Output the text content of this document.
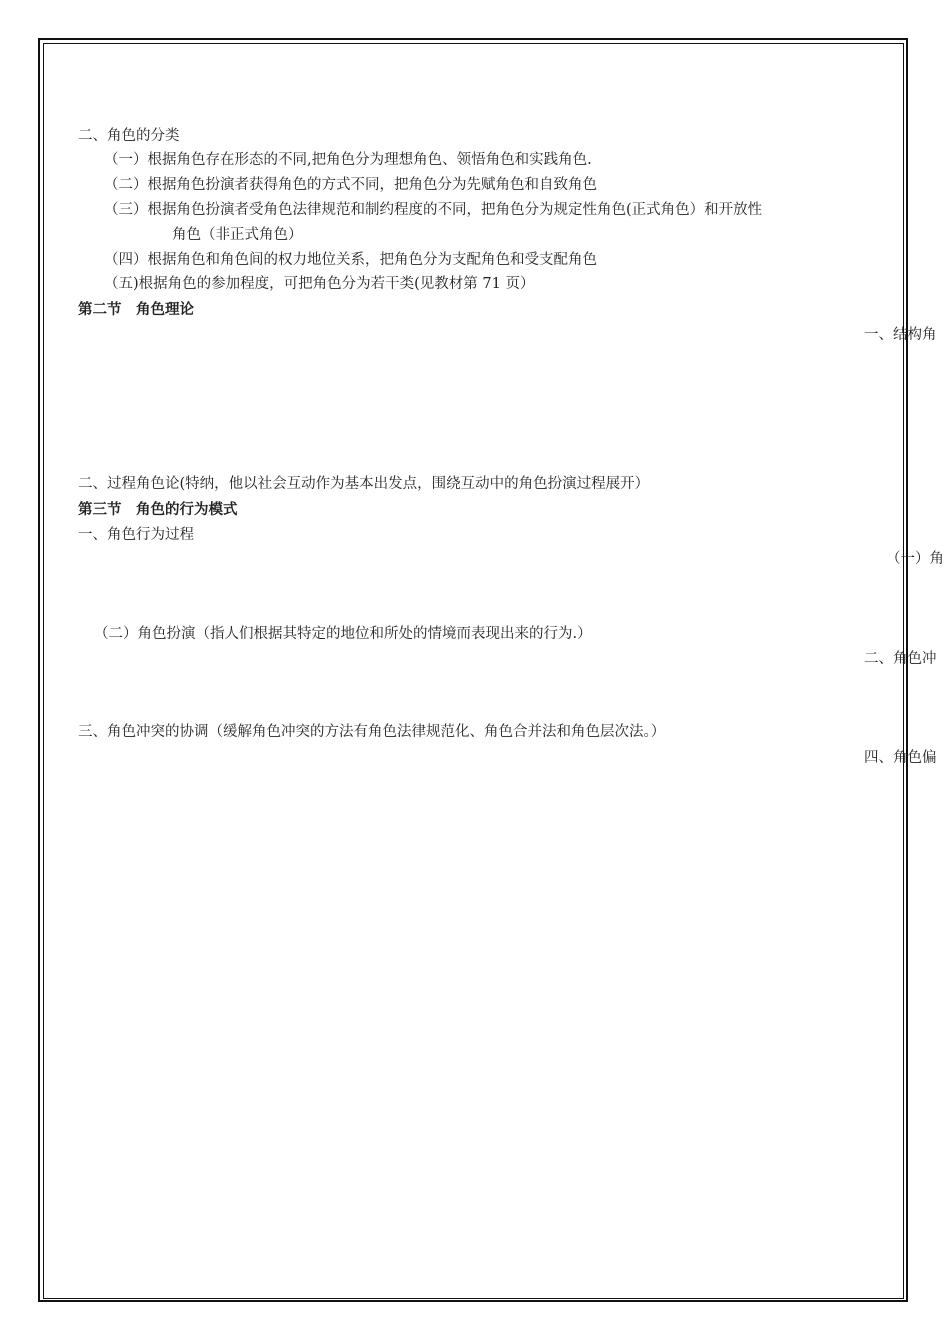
二、角色的分类
（一）根据角色存在形态的不同,把角色分为理想角色、领悟角色和实践角色.
（二）根据角色扮演者获得角色的方式不同，把角色分为先赋角色和自致角色
（三）根据角色扮演者受角色法律规范和制约程度的不同，把角色分为规定性角色(正式角色）和开放性
角色（非正式角色）
（四）根据角色和角色间的权力地位关系，把角色分为支配角色和受支配角色
（五)根据角色的参加程度，可把角色分为若干类(见教材第 71 页）
第二节　角色理论
一、结构角
二、过程角色论(特纳，他以社会互动作为基本出发点，围绕互动中的角色扮演过程展开）
第三节　角色的行为模式
一、角色行为过程
（一）角
（二）角色扮演（指人们根据其特定的地位和所处的情境而表现出来的行为.）
二、角色冲
三、角色冲突的协调（缓解角色冲突的方法有角色法律规范化、角色合并法和角色层次法。）
四、角色偏
